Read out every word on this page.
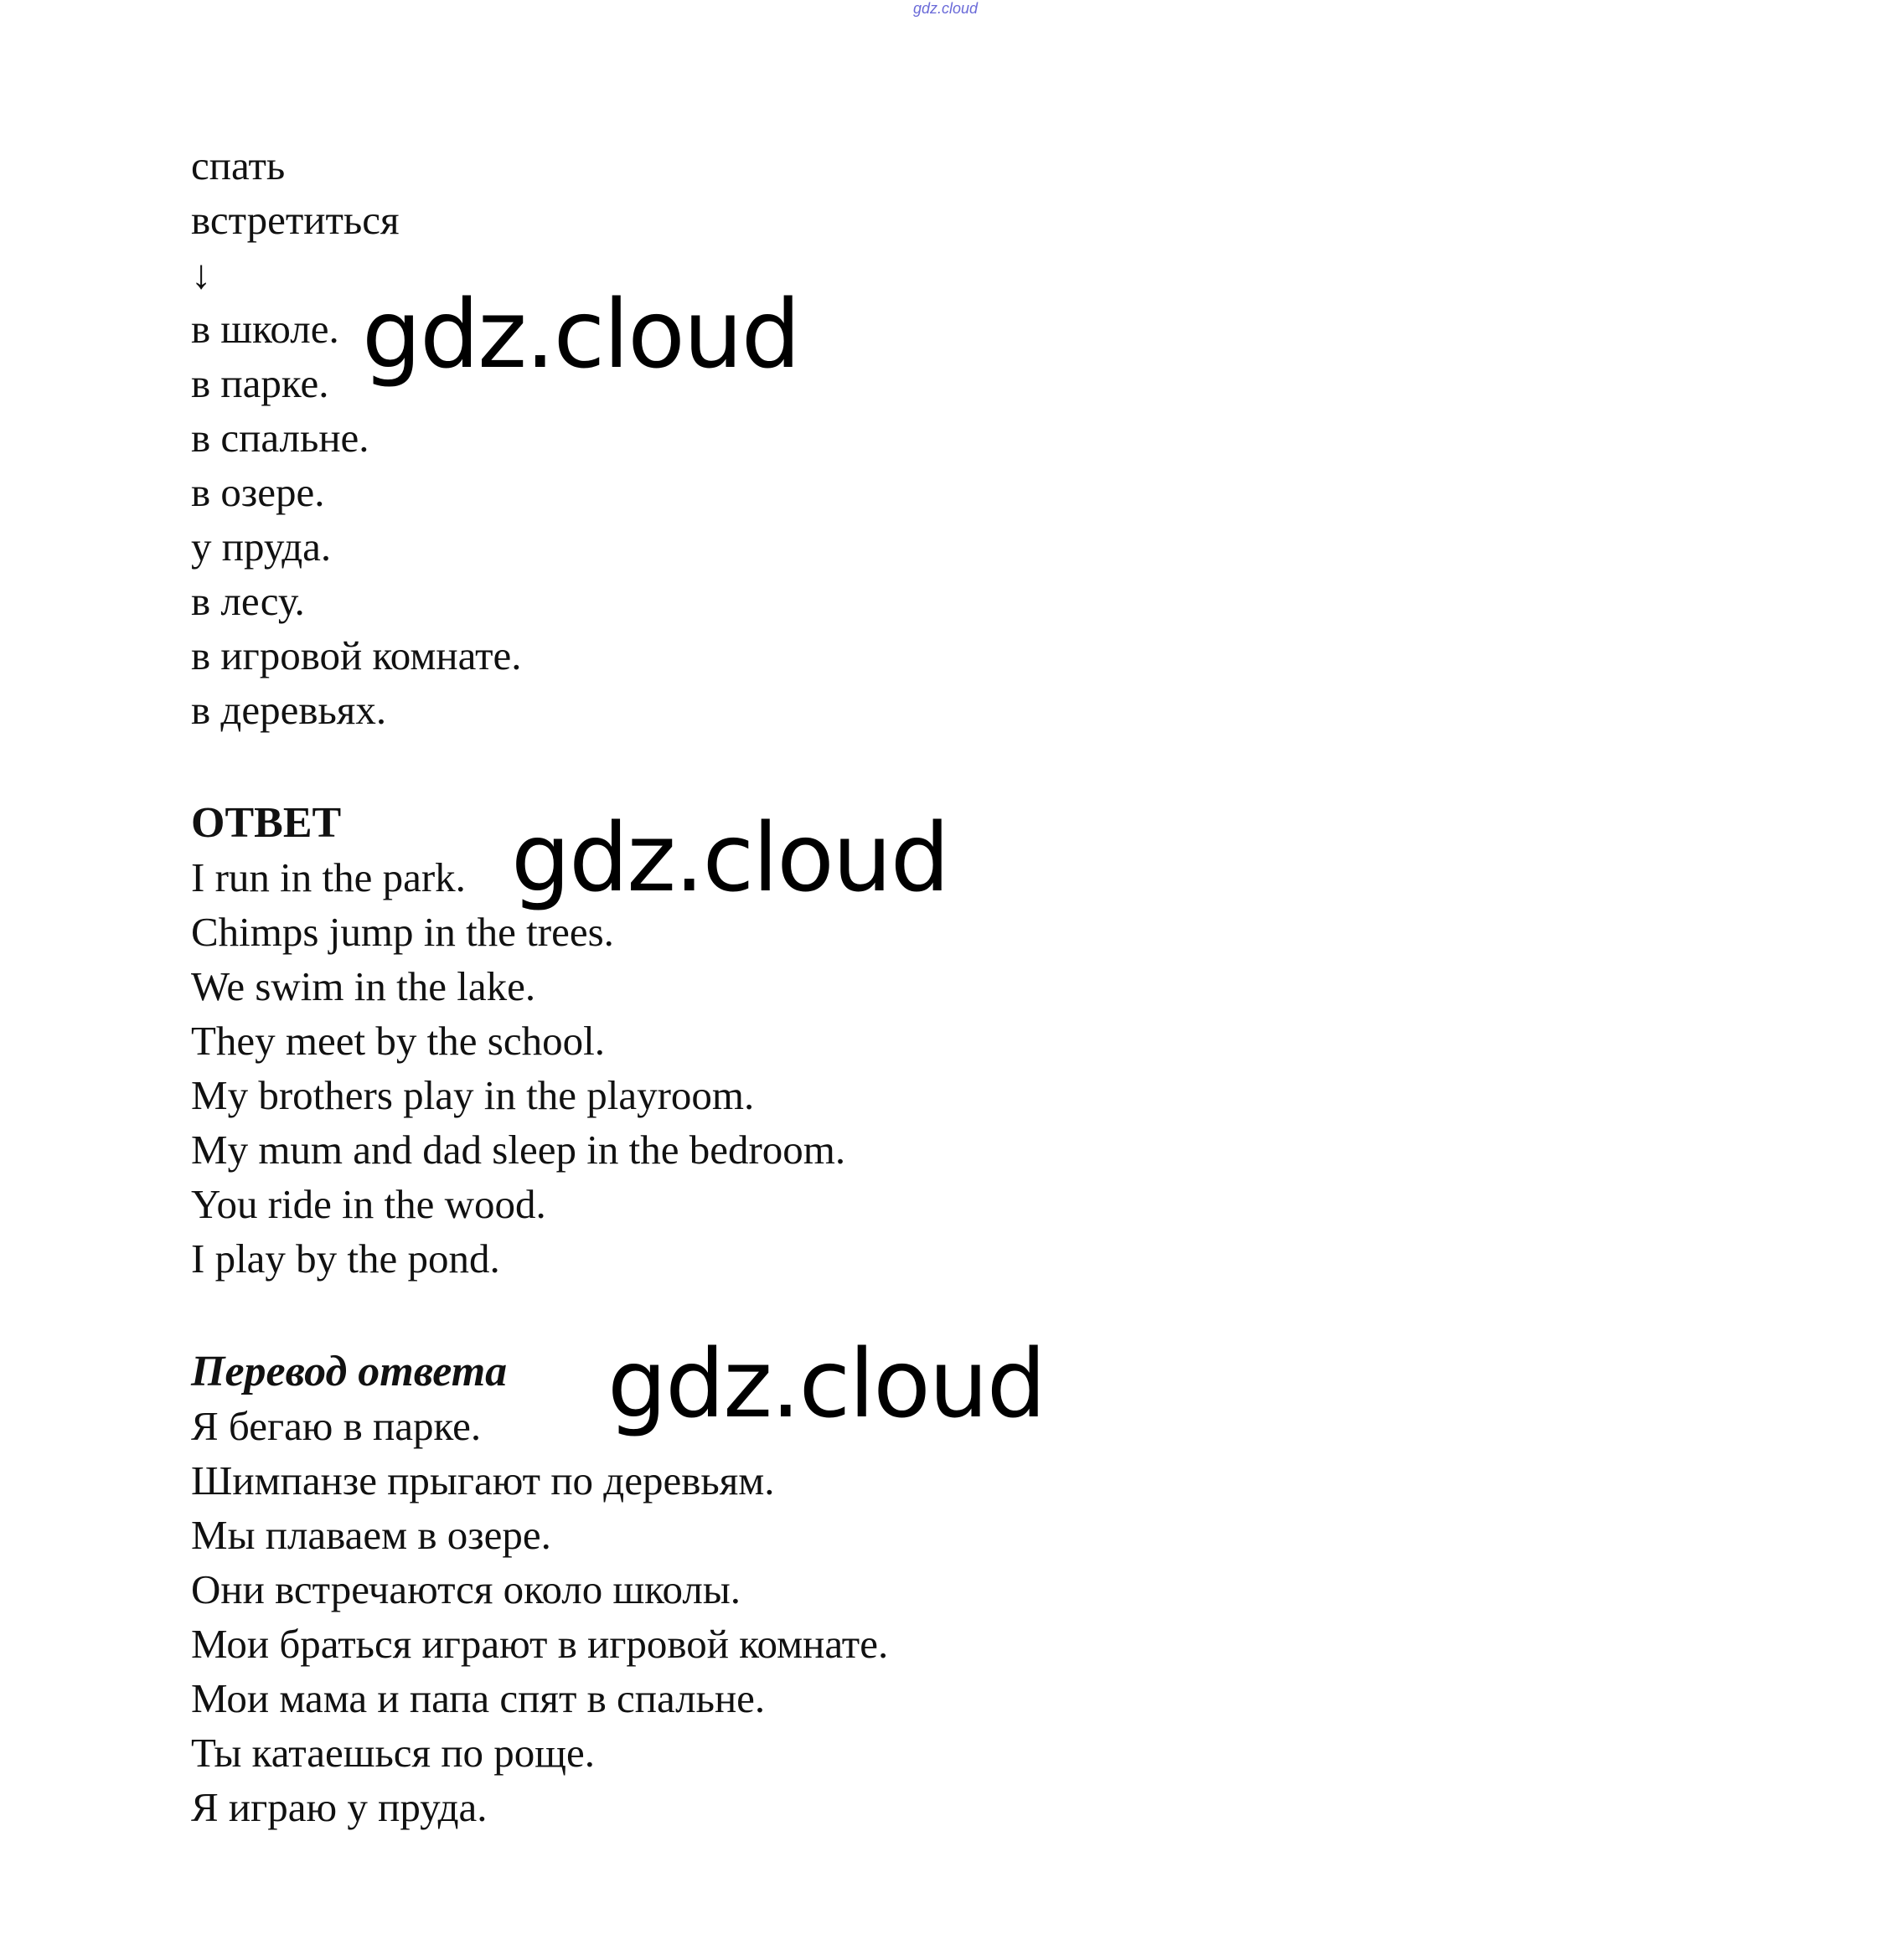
gdz.cloud
спать
встретиться
↓
в школе.
в парке.
в спальне.
в озере.
у пруда.
в лесу.
в игровой комнате.
в деревьях.
ОТВЕТ
I run in the park.
Chimps jump in the trees.
We swim in the lake.
They meet by the school.
My brothers play in the playroom.
My mum and dad sleep in the bedroom.
You ride in the wood.
I play by the pond.
Перевод ответа
Я бегаю в парке.
Шимпанзе прыгают по деревьям.
Мы плаваем в озере.
Они встречаются около школы.
Мои браться играют в игровой комнате.
Мои мама и папа спят в спальне.
Ты катаешься по роще.
Я играю у пруда.
gdz.cloud
gdz.cloud
gdz.cloud
